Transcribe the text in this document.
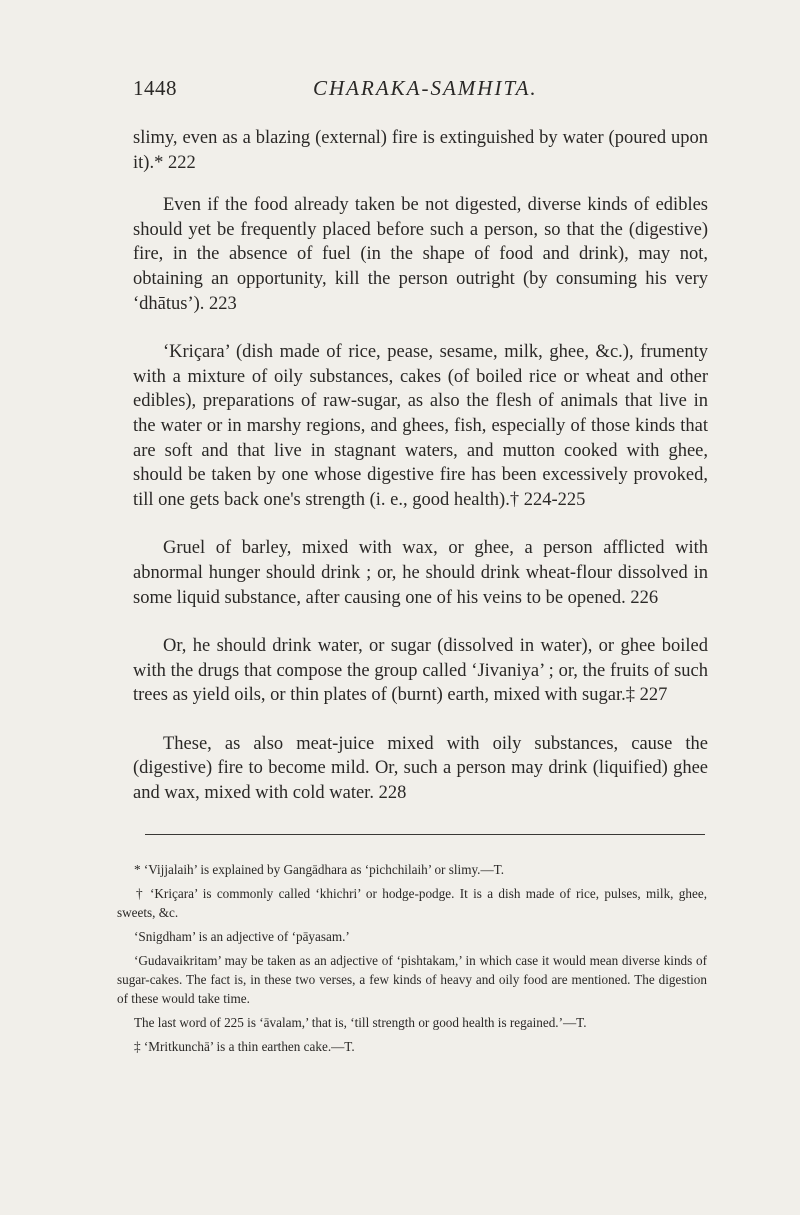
1448	CHARAKA-SAMHITA.

slimy, even as a blazing (external) fire is extinguished by water (poured upon it).* 222

Even if the food already taken be not digested, diverse kinds of edibles should yet be frequently placed before such a person, so that the (digestive) fire, in the absence of fuel (in the shape of food and drink), may not, obtaining an opportunity, kill the person outright (by consuming his very ‘dhātus’). 223

‘Kriçara’ (dish made of rice, pease, sesame, milk, ghee, &c.), frumenty with a mixture of oily substances, cakes (of boiled rice or wheat and other edibles), preparations of raw-sugar, as also the flesh of animals that live in the water or in marshy regions, and ghees, fish, especially of those kinds that are soft and that live in stagnant waters, and mutton cooked with ghee, should be taken by one whose digestive fire has been excessively provoked, till one gets back one's strength (i. e., good health).† 224-225

Gruel of barley, mixed with wax, or ghee, a person afflicted with abnormal hunger should drink ; or, he should drink wheat-flour dissolved in some liquid substance, after causing one of his veins to be opened. 226

Or, he should drink water, or sugar (dissolved in water), or ghee boiled with the drugs that compose the group called ‘Jivaniya’ ; or, the fruits of such trees as yield oils, or thin plates of (burnt) earth, mixed with sugar.‡ 227

These, as also meat-juice mixed with oily substances, cause the (digestive) fire to become mild. Or, such a person may drink (liquified) ghee and wax, mixed with cold water. 228

* ‘Vijjalaih’ is explained by Gangādhara as ‘pichchilaih’ or slimy.—T.

† ‘Kriçara’ is commonly called ‘khichri’ or hodge-podge. It is a dish made of rice, pulses, milk, ghee, sweets, &c.

‘Snigdham’ is an adjective of ‘pāyasam.’

‘Gudavaikritam’ may be taken as an adjective of ‘pishtakam,’ in which case it would mean diverse kinds of sugar-cakes. The fact is, in these two verses, a few kinds of heavy and oily food are mentioned. The digestion of these would take time.

The last word of 225 is ‘āvalam,’ that is, ‘till strength or good health is regained.’—T.

‡ ‘Mritkunchā’ is a thin earthen cake.—T.
